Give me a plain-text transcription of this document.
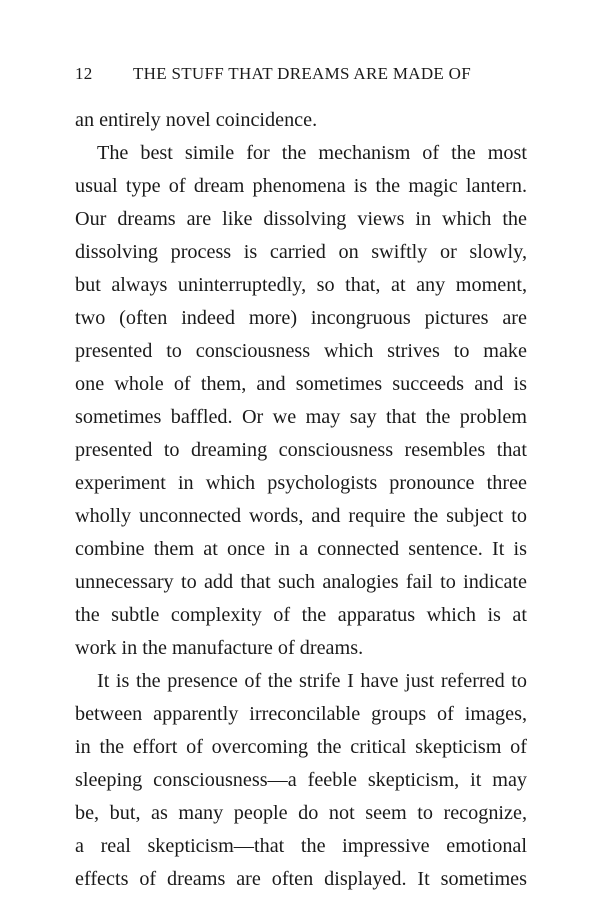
12 THE STUFF THAT DREAMS ARE MADE OF
an entirely novel coincidence.
The best simile for the mechanism of the most
usual type of dream phenomena is the magic lantern.
Our dreams are like dissolving views in which the
dissolving process is carried on swiftly or slowly,
but always uninterruptedly, so that, at any moment,
two (often indeed more) incongruous pictures are
presented to consciousness which strives to make
one whole of them, and sometimes succeeds and is
sometimes baffled. Or we may say that the problem
presented to dreaming consciousness resembles that
experiment in which psychologists pronounce three
wholly unconnected words, and require the subject to
combine them at once in a connected sentence. It is
unnecessary to add that such analogies fail to indicate
the subtle complexity of the apparatus which is at
work in the manufacture of dreams.
It is the presence of the strife I have just referred to
between apparently irreconcilable groups of images,
in the effort of overcoming the critical skepticism of
sleeping consciousness—a feeble skepticism, it may
be, but, as many people do not seem to recognize,
a real skepticism—that the impressive emotional
effects of dreams are often displayed. It sometimes
